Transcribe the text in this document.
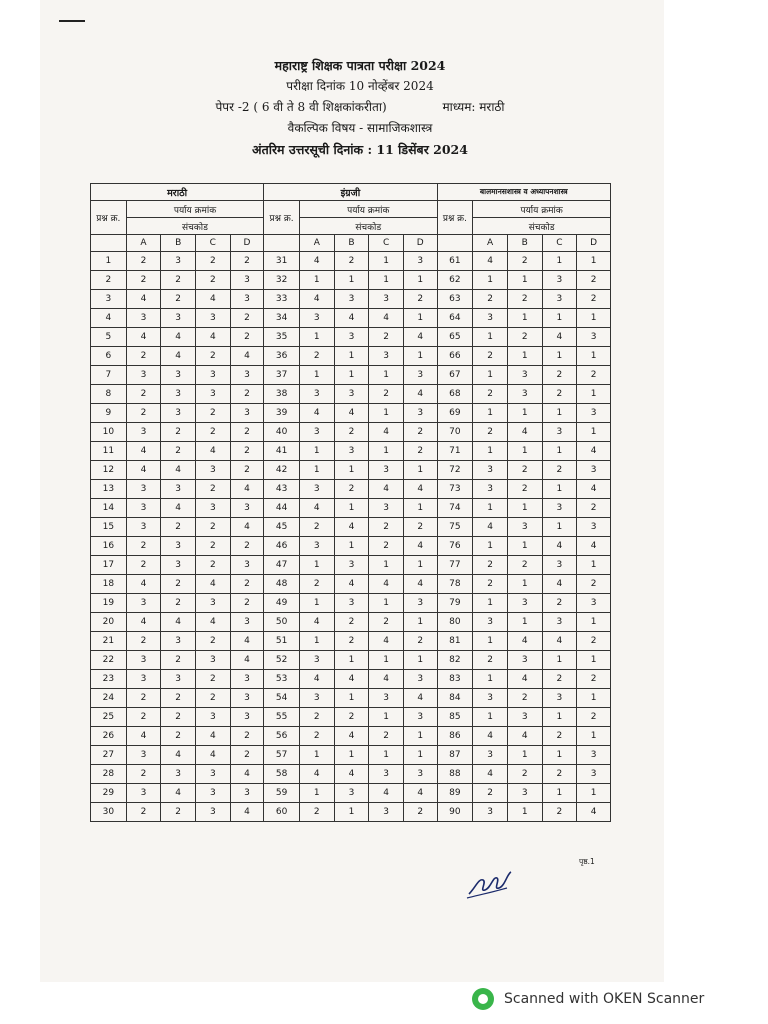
महाराष्ट्र शिक्षक पात्रता परीक्षा 2024
परीक्षा दिनांक 10 नोव्हेंबर 2024
पेपर -2 ( 6 वी ते 8 वी शिक्षकांकरीता)	माध्यम: मराठी
वैकल्पिक विषय - सामाजिकशास्त्र
अंतरिम उत्तरसूची दिनांक : 11 डिसेंबर 2024
मराठी					इंग्रजी					बालमानसशास्त्र व अध्यापनशास्त्र				
प्रश्न क्र.	पर्याय क्रमांक				प्रश्न क्र.	पर्याय क्रमांक				प्रश्न क्र.	पर्याय क्रमांक			
	संचकोड					संचकोड					संचकोड			
	A	B	C	D		A	B	C	D		A	B	C	D
1	2	3	2	2	31	4	2	1	3	61	4	2	1	1
2	2	2	2	3	32	1	1	1	1	62	1	1	3	2
3	4	2	4	3	33	4	3	3	2	63	2	2	3	2
4	3	3	3	2	34	3	4	4	1	64	3	1	1	1
5	4	4	4	2	35	1	3	2	4	65	1	2	4	3
6	2	4	2	4	36	2	1	3	1	66	2	1	1	1
7	3	3	3	3	37	1	1	1	3	67	1	3	2	2
8	2	3	3	2	38	3	3	2	4	68	2	3	2	1
9	2	3	2	3	39	4	4	1	3	69	1	1	1	3
10	3	2	2	2	40	3	2	4	2	70	2	4	3	1
11	4	2	4	2	41	1	3	1	2	71	1	1	1	4
12	4	4	3	2	42	1	1	3	1	72	3	2	2	3
13	3	3	2	4	43	3	2	4	4	73	3	2	1	4
14	3	4	3	3	44	4	1	3	1	74	1	1	3	2
15	3	2	2	4	45	2	4	2	2	75	4	3	1	3
16	2	3	2	2	46	3	1	2	4	76	1	1	4	4
17	2	3	2	3	47	1	3	1	1	77	2	2	3	1
18	4	2	4	2	48	2	4	4	4	78	2	1	4	2
19	3	2	3	2	49	1	3	1	3	79	1	3	2	3
20	4	4	4	3	50	4	2	2	1	80	3	1	3	1
21	2	3	2	4	51	1	2	4	2	81	1	4	4	2
22	3	2	3	4	52	3	1	1	1	82	2	3	1	1
23	3	3	2	3	53	4	4	4	3	83	1	4	2	2
24	2	2	2	3	54	3	1	3	4	84	3	2	3	1
25	2	2	3	3	55	2	2	1	3	85	1	3	1	2
26	4	2	4	2	56	2	4	2	1	86	4	4	2	1
27	3	4	4	2	57	1	1	1	1	87	3	1	1	3
28	2	3	3	4	58	4	4	3	3	88	4	2	2	3
29	3	4	3	3	59	1	3	4	4	89	2	3	1	1
30	2	2	3	4	60	2	1	3	2	90	3	1	2	4
पृष्ठ.1
Scanned with OKEN Scanner
